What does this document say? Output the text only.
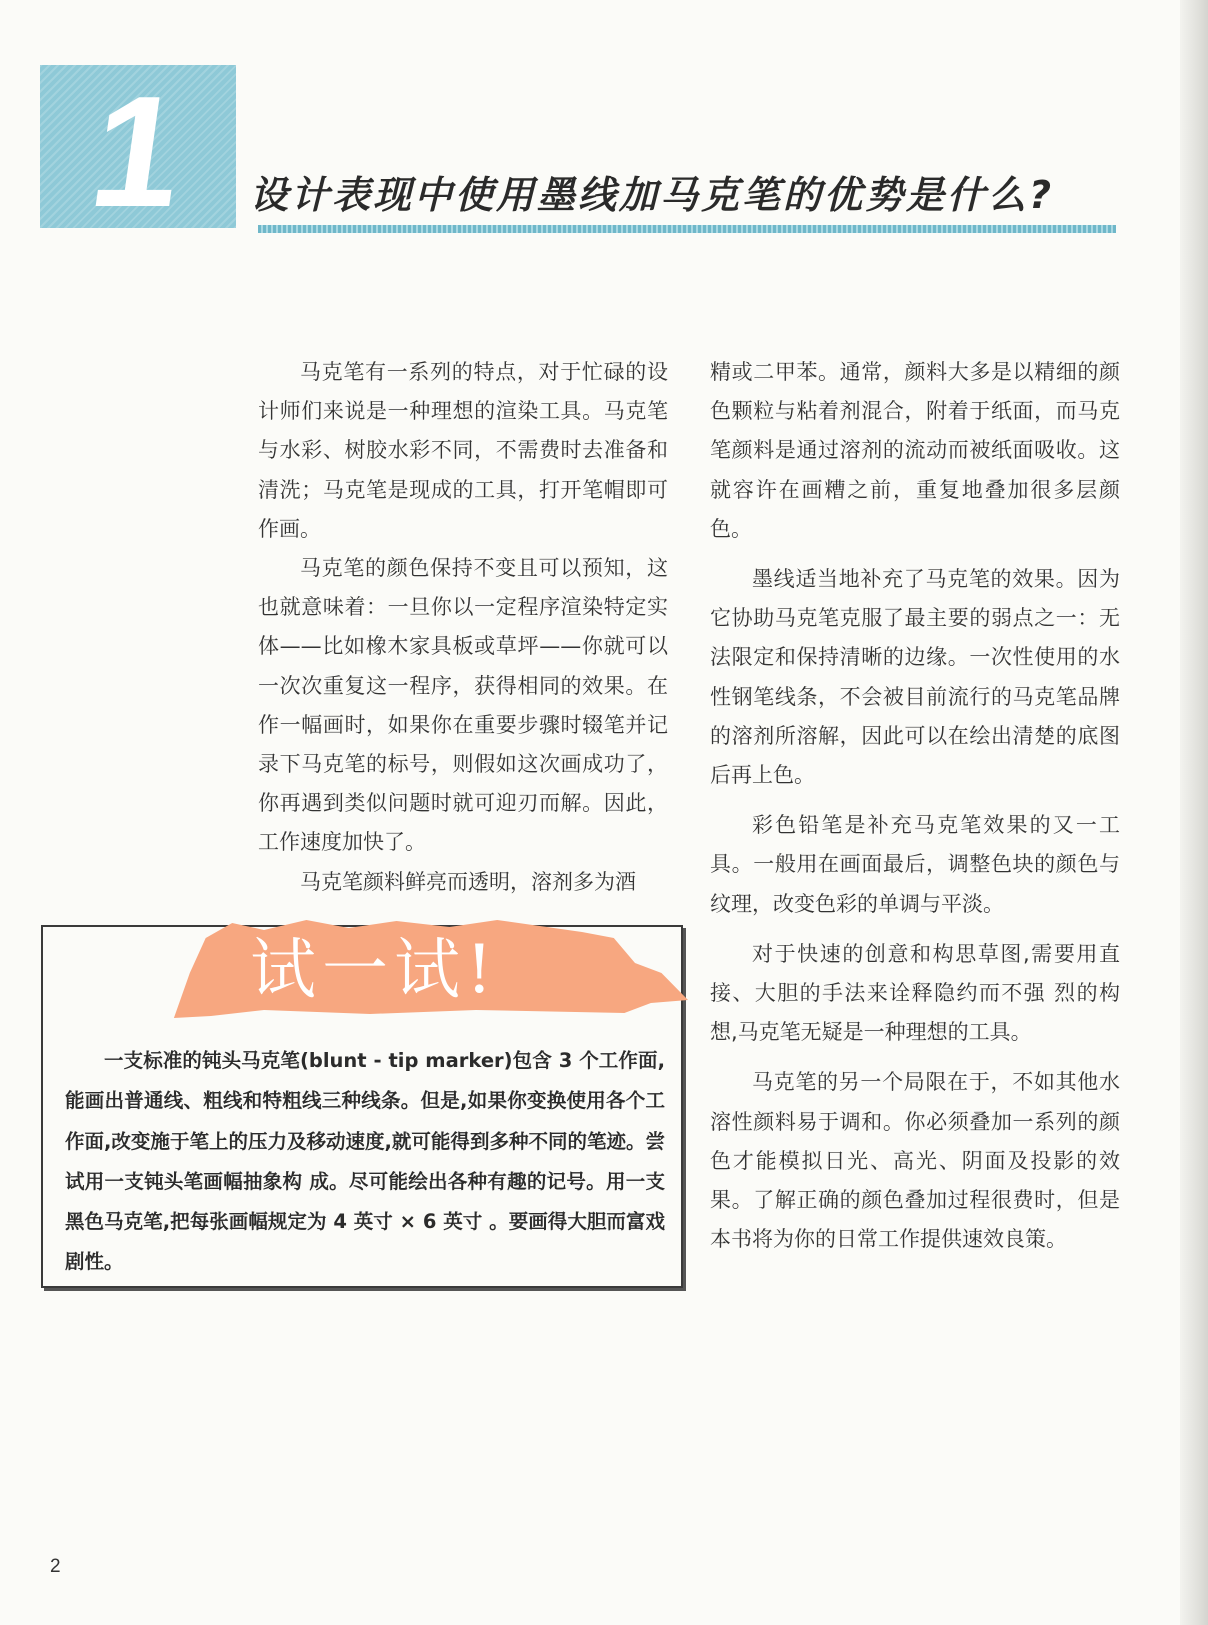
1	设计表现中使用墨线加马克笔的优势是什么?

马克笔有一系列的特点，对于忙碌的设计师们来说是一种理想的渲染工具。马克笔与水彩、树胶水彩不同，不需费时去准备和清洗；马克笔是现成的工具，打开笔帽即可作画。

马克笔的颜色保持不变且可以预知，这也就意味着：一旦你以一定程序渲染特定实体——比如橡木家具板或草坪——你就可以一次次重复这一程序，获得相同的效果。在作一幅画时，如果你在重要步骤时辍笔并记录下马克笔的标号，则假如这次画成功了，你再遇到类似问题时就可迎刃而解。因此，工作速度加快了。

马克笔颜料鲜亮而透明，溶剂多为酒

精或二甲苯。通常，颜料大多是以精细的颜色颗粒与粘着剂混合，附着于纸面，而马克笔颜料是通过溶剂的流动而被纸面吸收。这就容许在画糟之前，重复地叠加很多层颜色。

墨线适当地补充了马克笔的效果。因为它协助马克笔克服了最主要的弱点之一：无法限定和保持清晰的边缘。一次性使用的水性钢笔线条，不会被目前流行的马克笔品牌的溶剂所溶解，因此可以在绘出清楚的底图后再上色。

彩色铅笔是补充马克笔效果的又一工具。一般用在画面最后，调整色块的颜色与纹理，改变色彩的单调与平淡。

对于快速的创意和构思草图,需要用直接、大胆的手法来诠释隐约而不强 烈的构想,马克笔无疑是一种理想的工具。

马克笔的另一个局限在于，不如其他水溶性颜料易于调和。你必须叠加一系列的颜色才能模拟日光、高光、阴面及投影的效果。了解正确的颜色叠加过程很费时，但是本书将为你的日常工作提供速效良策。

试一试!

一支标准的钝头马克笔(blunt - tip marker)包含 3 个工作面,能画出普通线、粗线和特粗线三种线条。但是,如果你变换使用各个工作面,改变施于笔上的压力及移动速度,就可能得到多种不同的笔迹。尝试用一支钝头笔画幅抽象构 成。尽可能绘出各种有趣的记号。用一支黑色马克笔,把每张画幅规定为 4 英寸 × 6 英寸 。要画得大胆而富戏剧性。

2
